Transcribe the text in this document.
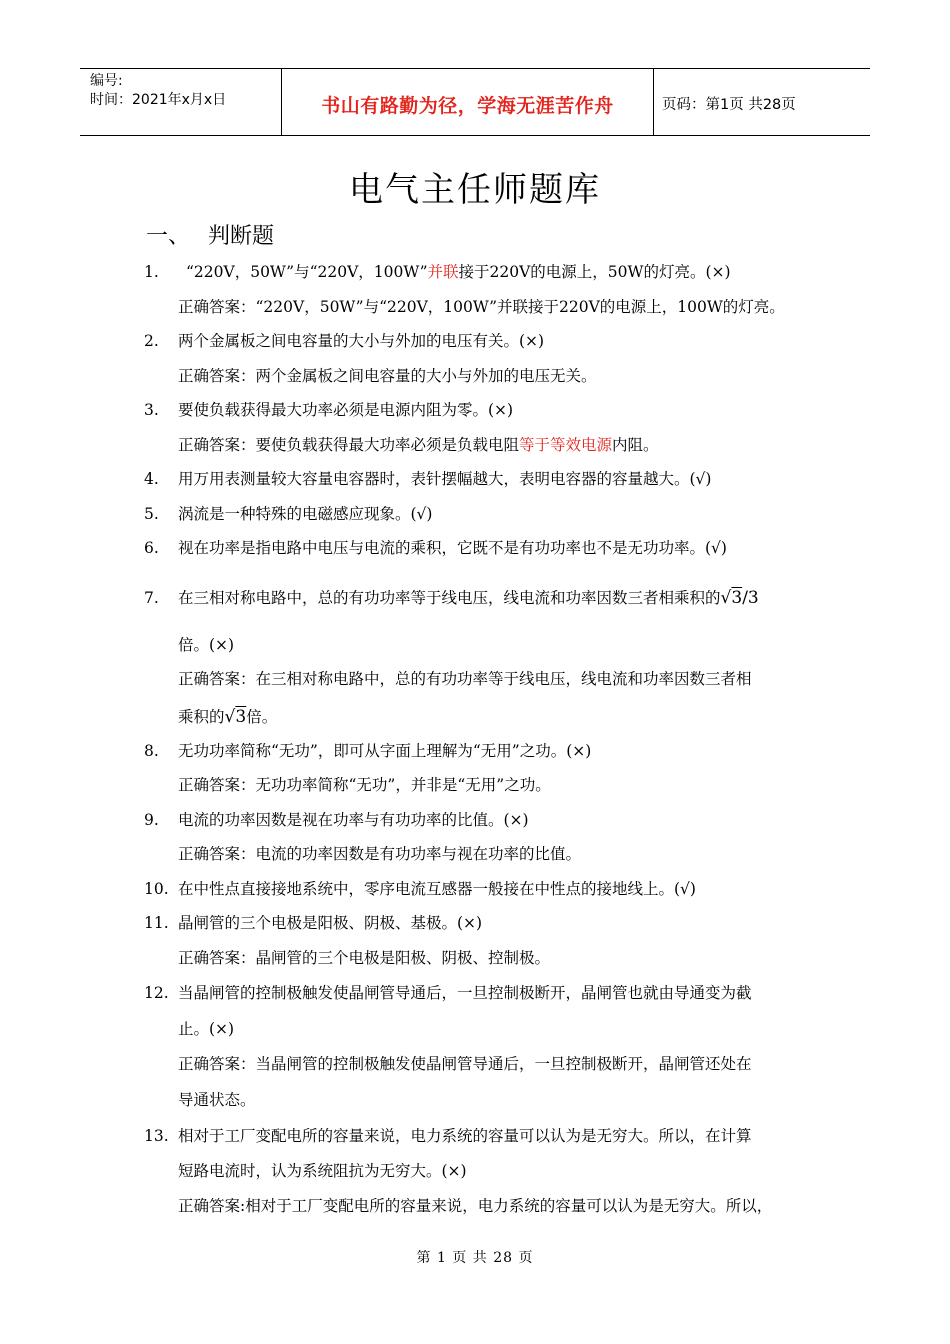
编号:
时间：2021年x月x日	书山有路勤为径，学海无涯苦作舟	页码：第1页 共28页
电气主任师题库
一、 判断题
1. “220V，50W”与“220V，100W”并联接于220V的电源上，50W的灯亮。(×)
正确答案：“220V，50W”与“220V，100W”并联接于220V的电源上，100W的灯亮。
2. 两个金属板之间电容量的大小与外加的电压有关。(×)
正确答案：两个金属板之间电容量的大小与外加的电压无关。
3. 要使负载获得最大功率必须是电源内阻为零。(×)
正确答案：要使负载获得最大功率必须是负载电阻等于等效电源内阻。
4. 用万用表测量较大容量电容器时，表针摆幅越大，表明电容器的容量越大。(√)
5. 涡流是一种特殊的电磁感应现象。(√)
6. 视在功率是指电路中电压与电流的乘积，它既不是有功功率也不是无功功率。(√)
7. 在三相对称电路中，总的有功功率等于线电压，线电流和功率因数三者相乘积的√3/3
倍。(×)
正确答案：在三相对称电路中，总的有功功率等于线电压，线电流和功率因数三者相
乘积的√3倍。
8. 无功功率简称“无功”，即可从字面上理解为“无用”之功。(×)
正确答案：无功功率简称“无功”，并非是“无用”之功。
9. 电流的功率因数是视在功率与有功功率的比值。(×)
正确答案：电流的功率因数是有功功率与视在功率的比值。
10. 在中性点直接接地系统中，零序电流互感器一般接在中性点的接地线上。(√)
11. 晶闸管的三个电极是阳极、阴极、基极。(×)
正确答案：晶闸管的三个电极是阳极、阴极、控制极。
12. 当晶闸管的控制极触发使晶闸管导通后，一旦控制极断开，晶闸管也就由导通变为截
止。(×)
正确答案：当晶闸管的控制极触发使晶闸管导通后，一旦控制极断开，晶闸管还处在
导通状态。
13. 相对于工厂变配电所的容量来说，电力系统的容量可以认为是无穷大。所以，在计算
短路电流时，认为系统阻抗为无穷大。(×)
正确答案:相对于工厂变配电所的容量来说，电力系统的容量可以认为是无穷大。所以，
第 1 页 共 28 页
